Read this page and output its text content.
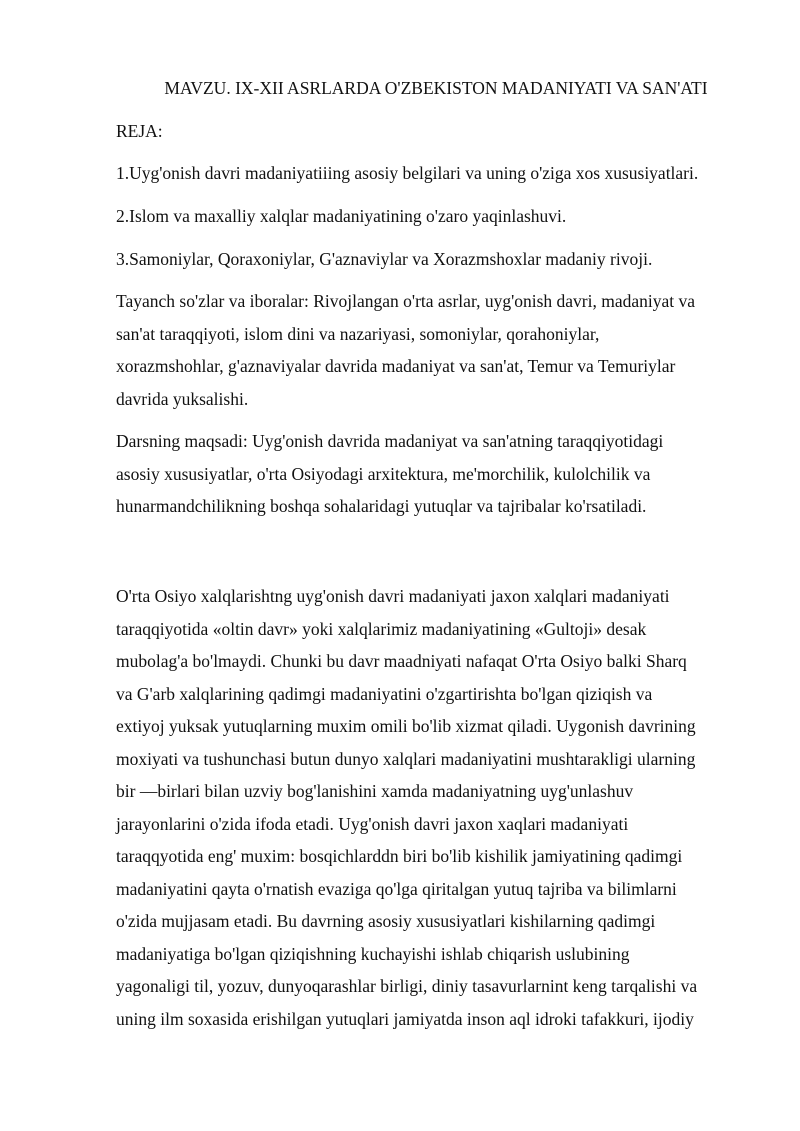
MAVZU. IX-XII ASRLARDA O'ZBEKISTON MADANIYATI VA SAN'ATI

REJA:

1.Uyg'onish davri madaniyatiiing asosiy belgilari va uning o'ziga xos xususiyatlari.

2.Islom va maxalliy xalqlar madaniyatining o'zaro yaqinlashuvi.

3.Samoniylar, Qoraxoniylar, G'aznaviylar va Xorazmshoxlar madaniy rivoji.

Tayanch so'zlar va iboralar: Rivojlangan o'rta asrlar, uyg'onish davri, madaniyat va
san'at taraqqiyoti, islom dini va nazariyasi, somoniylar, qorahoniylar,
xorazmshohlar, g'aznaviyalar davrida madaniyat va san'at, Temur va Temuriylar
davrida yuksalishi.

Darsning maqsadi: Uyg'onish davrida madaniyat va san'atning taraqqiyotidagi
asosiy xususiyatlar, o'rta Osiyodagi arxitektura, me'morchilik, kulolchilik va
hunarmandchilikning boshqa sohalaridagi yutuqlar va tajribalar ko'rsatiladi.

O'rta Osiyo xalqlarishtng uyg'onish davri madaniyati jaxon xalqlari madaniyati
taraqqiyotida «oltin davr» yoki xalqlarimiz madaniyatining «Gultoji» desak
mubolag'a bo'lmaydi. Chunki bu davr maadniyati nafaqat O'rta Osiyo balki Sharq
va G'arb xalqlarining qadimgi madaniyatini o'zgartirishta bo'lgan qiziqish va
extiyoj yuksak yutuqlarning muxim omili bo'lib xizmat qiladi. Uygonish davrining
moxiyati va tushunchasi butun dunyo xalqlari madaniyatini mushtarakligi ularning
bir —birlari bilan uzviy bog'lanishini xamda madaniyatning uyg'unlashuv
jarayonlarini o'zida ifoda etadi. Uyg'onish davri jaxon xaqlari madaniyati
taraqqyotida eng' muxim: bosqichlarddn biri bo'lib kishilik jamiyatining qadimgi
madaniyatini qayta o'rnatish evaziga qo'lga qiritalgan yutuq tajriba va bilimlarni
o'zida mujjasam etadi. Bu davrning asosiy xususiyatlari kishilarning qadimgi
madaniyatiga bo'lgan qiziqishning kuchayishi ishlab chiqarish uslubining
yagonaligi til, yozuv, dunyoqarashlar birligi, diniy tasavurlarnint keng tarqalishi va
uning ilm soxasida erishilgan yutuqlari jamiyatda inson aql idroki tafakkuri, ijodiy
